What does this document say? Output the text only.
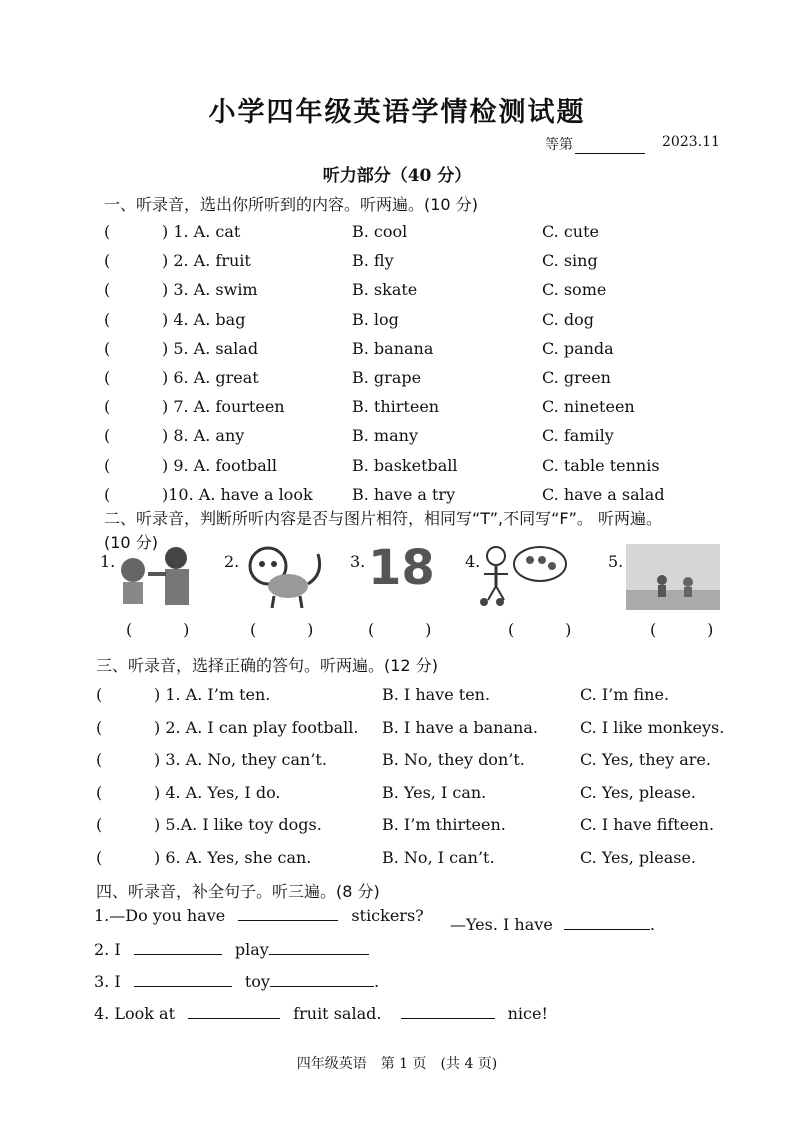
小学四年级英语学情检测试题
等第	2023.11
听力部分（40 分）
一、听录音，选出你所听到的内容。听两遍。(10 分)
(	) 1. A. cat	B. cool	C. cute
(	) 2. A. fruit	B. fly	C. sing
(	) 3. A. swim	B. skate	C. some
(	) 4. A. bag	B. log	C. dog
(	) 5. A. salad	B. banana	C. panda
(	) 6. A. great	B. grape	C. green
(	) 7. A. fourteen	B. thirteen	C. nineteen
(	) 8. A. any	B. many	C. family
(	) 9. A. football	B. basketball	C. table tennis
(	)10. A. have a look B. have a try	C. have a salad
二、听录音，判断所听内容是否与图片相符，相同写“T”,不同写“F”。 听两遍。
(10 分)
1.	2.	3. 18 4.	5.
(          )	(          )	(          )	(          )	(          )
三、听录音，选择正确的答句。听两遍。(12 分)
(	) 1. A. I’m ten.	B. I have ten.	C. I’m fine.
(	) 2. A. I can play football. B. I have a banana.	C. I like monkeys.
(	) 3. A. No, they can’t.	B. No, they don’t.	C. Yes, they are.
(	) 4. A. Yes, I do.	B. Yes, I can.	C. Yes, please.
(	) 5.A. I like toy dogs.	B. I’m thirteen.	C. I have fifteen.
(	) 6. A. Yes, she can.	B. No, I can’t.	C. Yes, please.
四、听录音，补全句子。听三遍。(8 分)
1.—Do you have	stickers? —Yes. I have	.
2. I	play
3. I	toy	.
4. Look at	fruit salad.	nice!
四年级英语　第 1 页　(共 4 页)
